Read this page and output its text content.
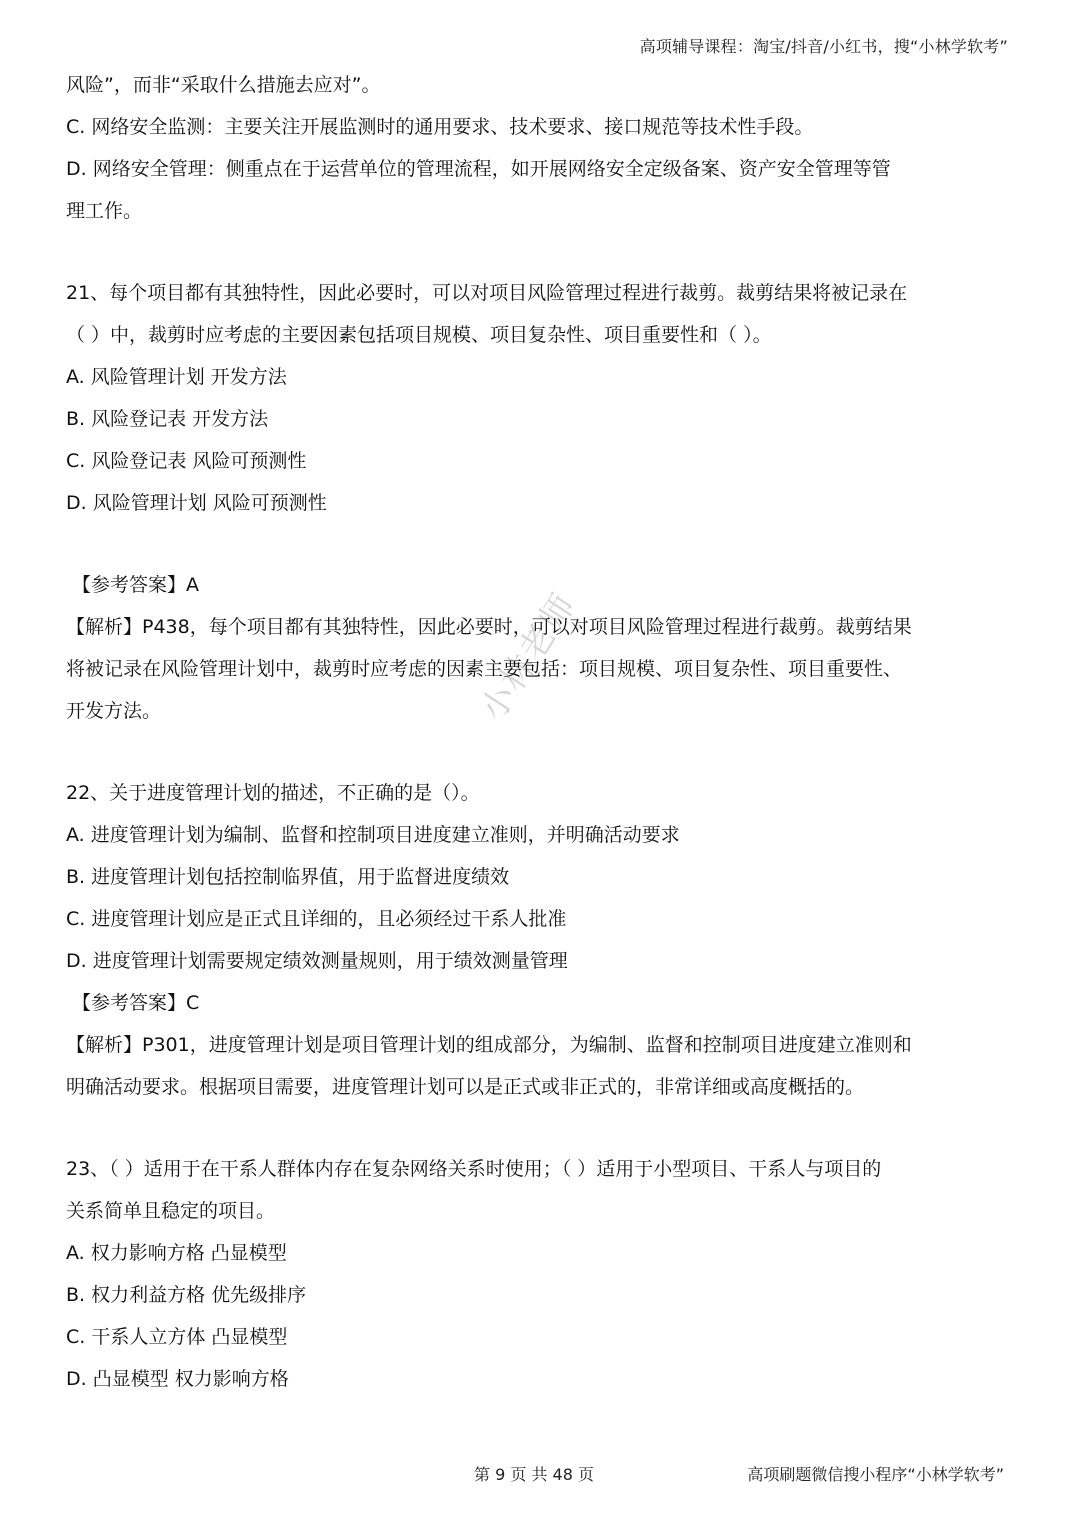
高项辅导课程：淘宝/抖音/小红书，搜“小林学软考”
风险”，而非“采取什么措施去应对”。
C. 网络安全监测：主要关注开展监测时的通用要求、技术要求、接口规范等技术性手段。
D. 网络安全管理：侧重点在于运营单位的管理流程，如开展网络安全定级备案、资产安全管理等管
理工作。
21、每个项目都有其独特性，因此必要时，可以对项目风险管理过程进行裁剪。裁剪结果将被记录在
（ ）中，裁剪时应考虑的主要因素包括项目规模、项目复杂性、项目重要性和（ ）。
A. 风险管理计划 开发方法
B. 风险登记表 开发方法
C. 风险登记表 风险可预测性
D. 风险管理计划 风险可预测性
【参考答案】A
【解析】P438，每个项目都有其独特性，因此必要时，可以对项目风险管理过程进行裁剪。裁剪结果
将被记录在风险管理计划中，裁剪时应考虑的因素主要包括：项目规模、项目复杂性、项目重要性、
开发方法。
22、关于进度管理计划的描述，不正确的是（）。
A. 进度管理计划为编制、监督和控制项目进度建立准则，并明确活动要求
B. 进度管理计划包括控制临界值，用于监督进度绩效
C. 进度管理计划应是正式且详细的，且必须经过干系人批准
D. 进度管理计划需要规定绩效测量规则，用于绩效测量管理
【参考答案】C
【解析】P301，进度管理计划是项目管理计划的组成部分，为编制、监督和控制项目进度建立准则和
明确活动要求。根据项目需要，进度管理计划可以是正式或非正式的，非常详细或高度概括的。
23、（ ）适用于在干系人群体内存在复杂网络关系时使用；（ ）适用于小型项目、干系人与项目的
关系简单且稳定的项目。
A. 权力影响方格 凸显模型
B. 权力利益方格 优先级排序
C. 干系人立方体 凸显模型
D. 凸显模型 权力影响方格
小林老师
第 9 页 共 48 页	高项刷题微信搜小程序“小林学软考”
